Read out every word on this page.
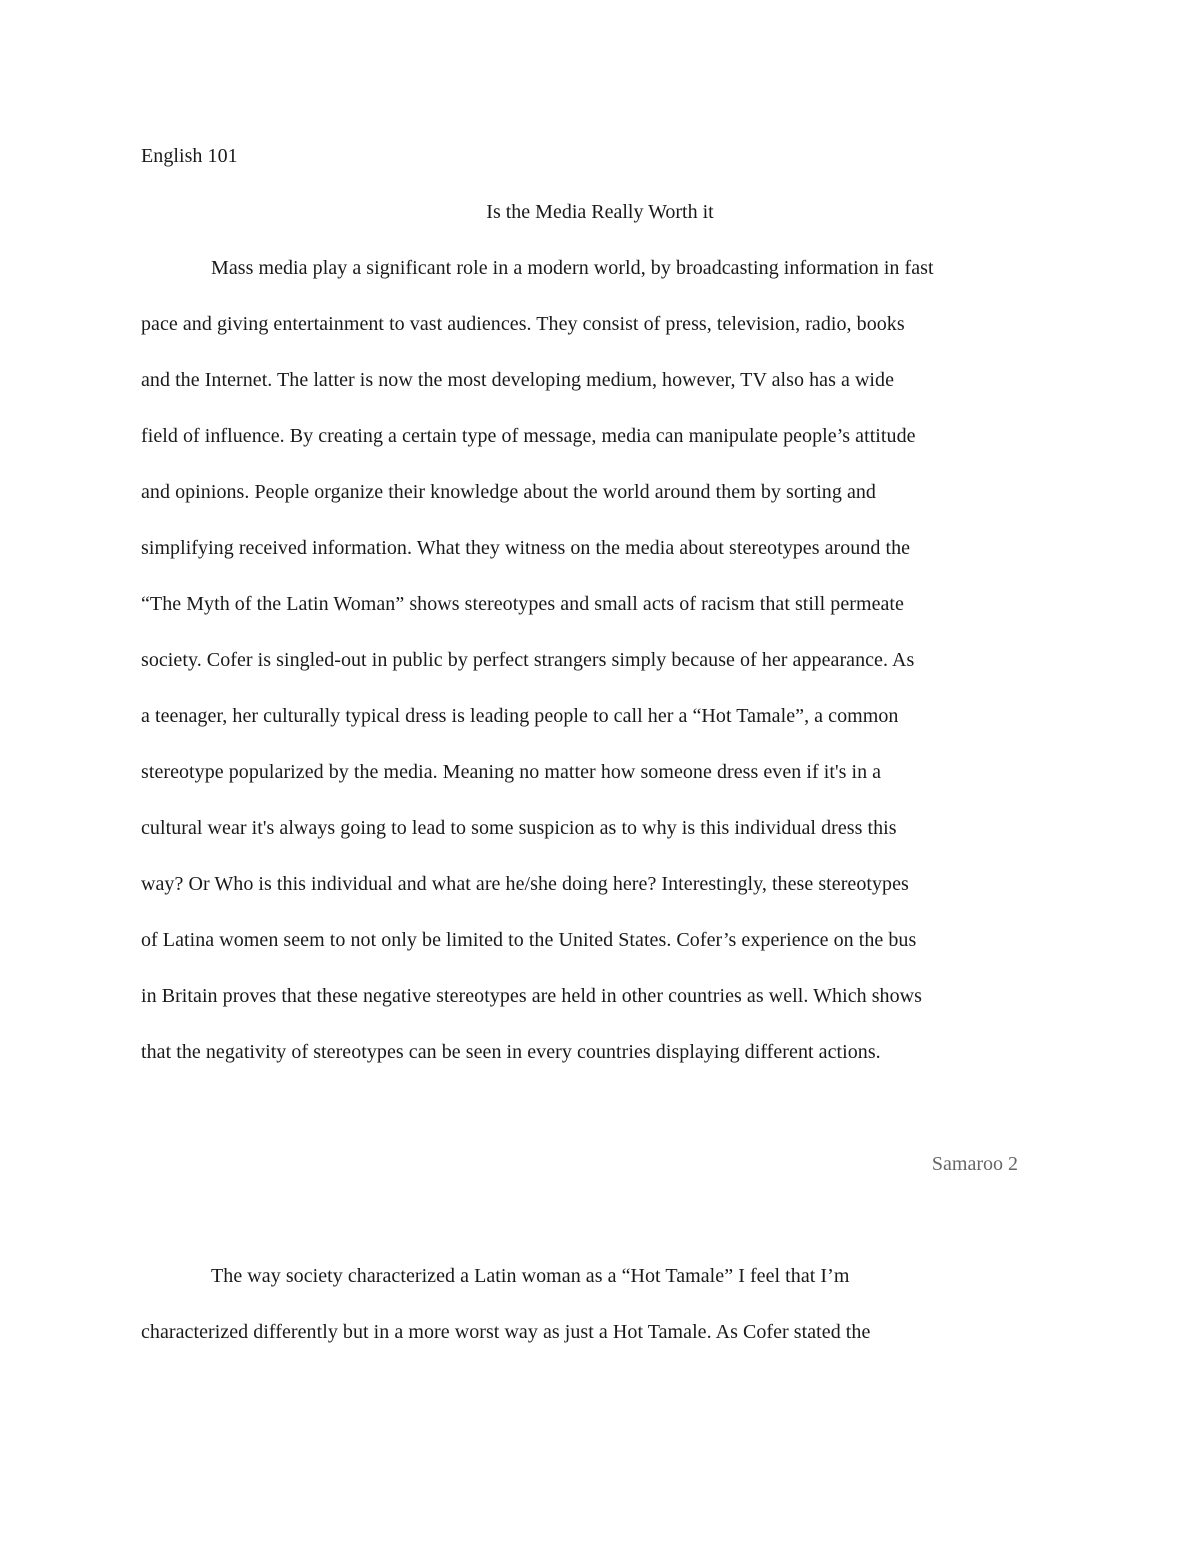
English 101
Is the Media Really Worth it
Mass media play a significant role in a modern world, by broadcasting information in fast
pace and giving entertainment to vast audiences. They consist of press, television, radio, books
and the Internet. The latter is now the most developing medium, however, TV also has a wide
field of influence. By creating a certain type of message, media can manipulate people’s attitude
and opinions. People organize their knowledge about the world around them by sorting and
simplifying received information. What they witness on the media about stereotypes around the
“The Myth of the Latin Woman” shows stereotypes and small acts of racism that still permeate
society. Cofer is singled-out in public by perfect strangers simply because of her appearance. As
a teenager, her culturally typical dress is leading people to call her a “Hot Tamale”, a common
stereotype popularized by the media. Meaning no matter how someone dress even if it's in a
cultural wear it's always going to lead to some suspicion as to why is this individual dress this
way? Or Who is this individual and what are he/she doing here? Interestingly, these stereotypes
of Latina women seem to not only be limited to the United States. Cofer’s experience on the bus
in Britain proves that these negative stereotypes are held in other countries as well. Which shows
that the negativity of stereotypes can be seen in every countries displaying different actions.
Samaroo 2
The way society characterized a Latin woman as a “Hot Tamale” I feel that I’m
characterized differently but in a more worst way as just a Hot Tamale. As Cofer stated the
